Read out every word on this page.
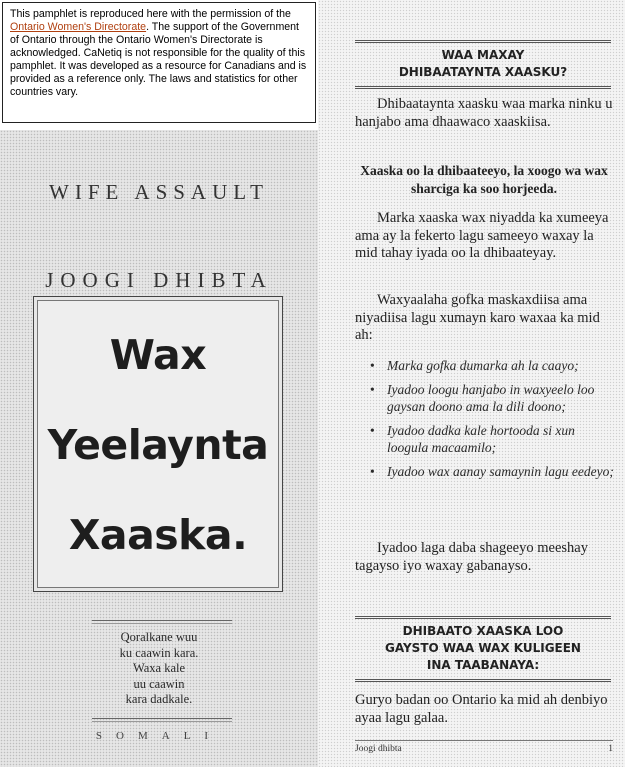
This pamphlet is reproduced here with the permission of the Ontario Women's Directorate. The support of the Government of Ontario through the Ontario Women's Directorate is acknowledged. CaNetiq is not responsible for the quality of this pamphlet. It was developed as a resource for Canadians and is provided as a reference only. The laws and statistics for other countries vary.
WIFE ASSAULT
JOOGI DHIBTA
Wax
Yeelaynta
Xaaska.
Qoralkane wuu
ku caawin kara.
Waxa kale
uu caawin
kara dadkale.
SOMALI
WAA MAXAY
DHIBAATAYNTA XAASKU?
Dhibaataynta xaasku waa marka ninku u hanjabo ama dhaawaco xaaskiisa.
Xaaska oo la dhibaateeyo, la xoogo wa wax sharciga ka soo horjeeda.
Marka xaaska wax niyadda ka xumeeya ama ay la fekerto lagu sameeyo waxay la mid tahay iyada oo la dhibaateyay.
Waxyaalaha gofka maskaxdiisa ama niyadiisa lagu xumayn karo waxaa ka mid ah:
• Marka gofka dumarka ah la caayo;
• Iyadoo loogu hanjabo in waxyeelo loo gaysan doono ama la dili doono;
• Iyadoo dadka kale hortooda si xun loogula macaamilo;
• Iyadoo wax aanay samaynin lagu eedeyo;
Iyadoo laga daba shageeyo meeshay tagayso iyo waxay gabanayso.
DHIBAATO XAASKA LOO
GAYSTO WAA WAX KULIGEEN
INA TAABANAYA:
Guryo badan oo Ontario ka mid ah denbiyo ayaa lagu galaa.
Joogi dhibta	1
